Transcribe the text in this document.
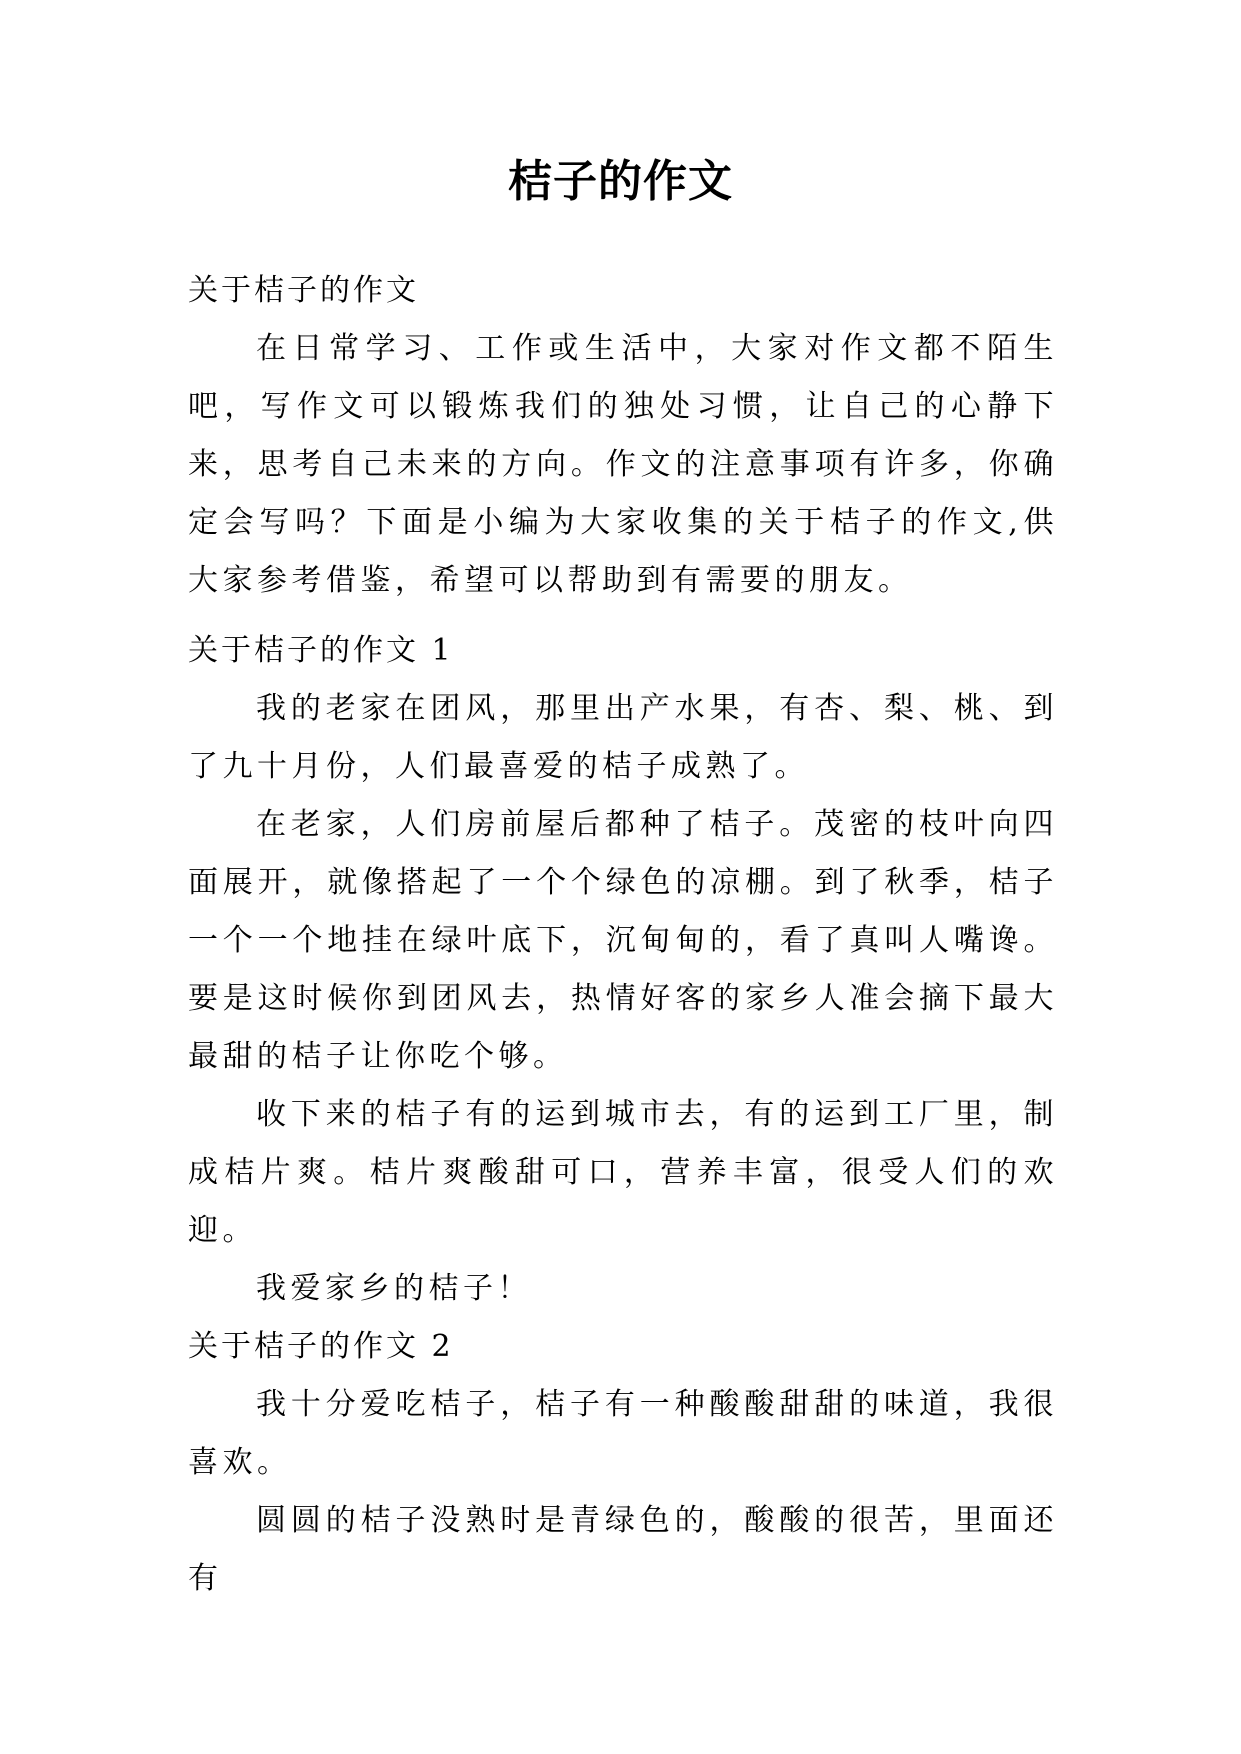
桔子的作文

关于桔子的作文

在日常学习、工作或生活中，大家对作文都不陌生吧，写作文可以锻炼我们的独处习惯，让自己的心静下来，思考自己未来的方向。作文的注意事项有许多，你确定会写吗？下面是小编为大家收集的关于桔子的作文,供大家参考借鉴，希望可以帮助到有需要的朋友。

关于桔子的作文 1

我的老家在团风，那里出产水果，有杏、梨、桃、到了九十月份，人们最喜爱的桔子成熟了。

在老家，人们房前屋后都种了桔子。茂密的枝叶向四面展开，就像搭起了一个个绿色的凉棚。到了秋季，桔子一个一个地挂在绿叶底下，沉甸甸的，看了真叫人嘴谗。要是这时候你到团风去，热情好客的家乡人准会摘下最大最甜的桔子让你吃个够。

收下来的桔子有的运到城市去，有的运到工厂里，制成桔片爽。桔片爽酸甜可口，营养丰富，很受人们的欢迎。

我爱家乡的桔子！

关于桔子的作文 2

我十分爱吃桔子，桔子有一种酸酸甜甜的味道，我很喜欢。

圆圆的桔子没熟时是青绿色的，酸酸的很苦，里面还有
